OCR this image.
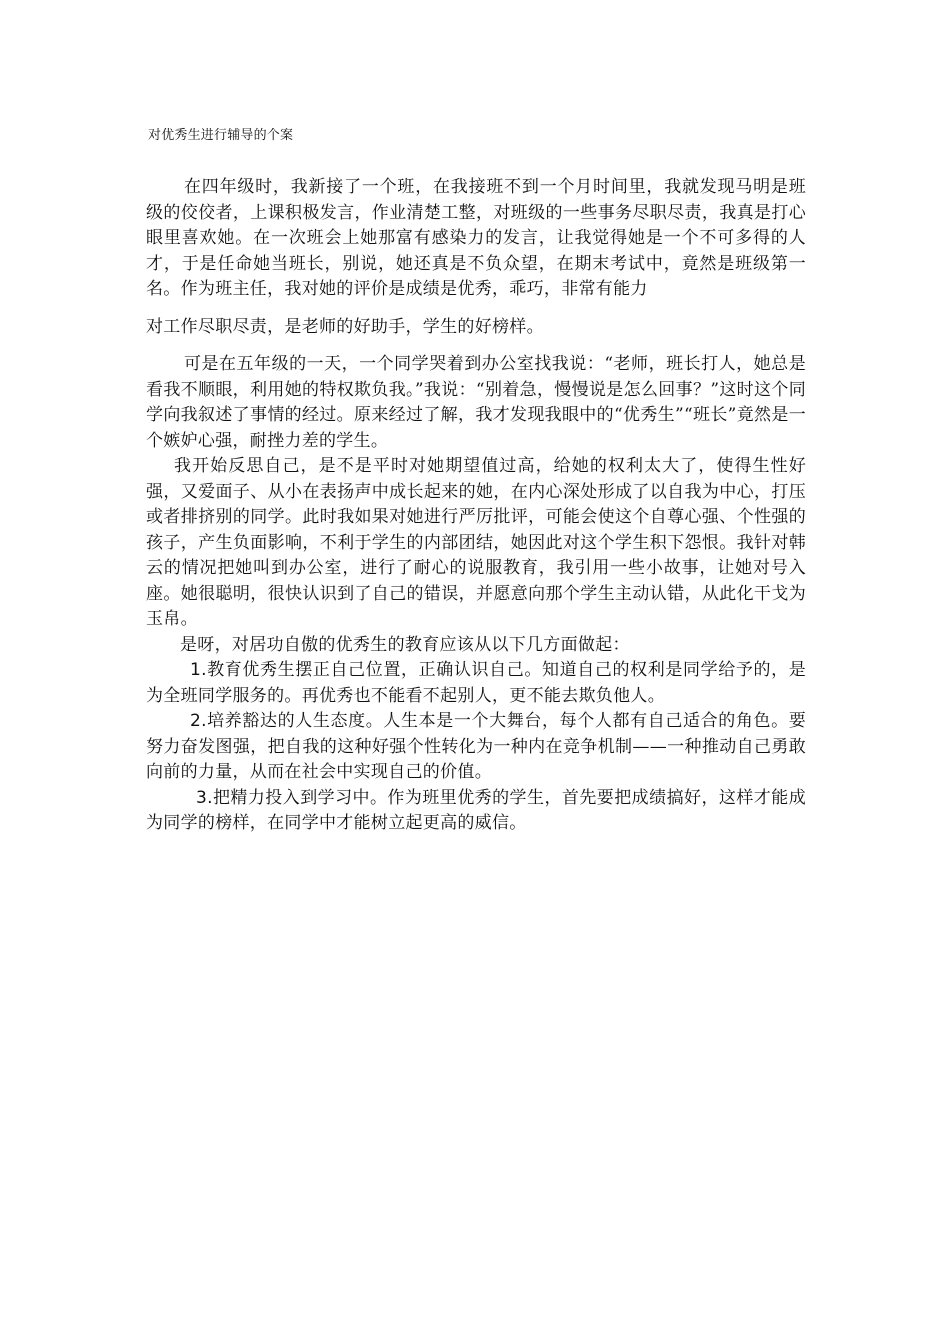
对优秀生进行辅导的个案

在四年级时，我新接了一个班，在我接班不到一个月时间里，我就发现马明是班级的佼佼者，上课积极发言，作业清楚工整，对班级的一些事务尽职尽责，我真是打心眼里喜欢她。在一次班会上她那富有感染力的发言，让我觉得她是一个不可多得的人才，于是任命她当班长，别说，她还真是不负众望，在期末考试中，竟然是班级第一名。作为班主任，我对她的评价是成绩是优秀，乖巧，非常有能力

对工作尽职尽责，是老师的好助手，学生的好榜样。

可是在五年级的一天，一个同学哭着到办公室找我说：“老师，班长打人，她总是看我不顺眼，利用她的特权欺负我。”我说：“别着急，慢慢说是怎么回事？”这时这个同学向我叙述了事情的经过。原来经过了解，我才发现我眼中的“优秀生”“班长”竟然是一个嫉妒心强，耐挫力差的学生。

我开始反思自己，是不是平时对她期望值过高，给她的权利太大了，使得生性好强，又爱面子、从小在表扬声中成长起来的她，在内心深处形成了以自我为中心，打压或者排挤别的同学。此时我如果对她进行严厉批评，可能会使这个自尊心强、个性强的孩子，产生负面影响，不利于学生的内部团结，她因此对这个学生积下怨恨。我针对韩云的情况把她叫到办公室，进行了耐心的说服教育，我引用一些小故事，让她对号入座。她很聪明，很快认识到了自己的错误，并愿意向那个学生主动认错，从此化干戈为玉帛。

是呀，对居功自傲的优秀生的教育应该从以下几方面做起：

1.教育优秀生摆正自己位置，正确认识自己。知道自己的权利是同学给予的，是为全班同学服务的。再优秀也不能看不起别人，更不能去欺负他人。

2.培养豁达的人生态度。人生本是一个大舞台，每个人都有自己适合的角色。要努力奋发图强，把自我的这种好强个性转化为一种内在竞争机制——一种推动自己勇敢向前的力量，从而在社会中实现自己的价值。

3.把精力投入到学习中。作为班里优秀的学生，首先要把成绩搞好，这样才能成为同学的榜样，在同学中才能树立起更高的威信。
